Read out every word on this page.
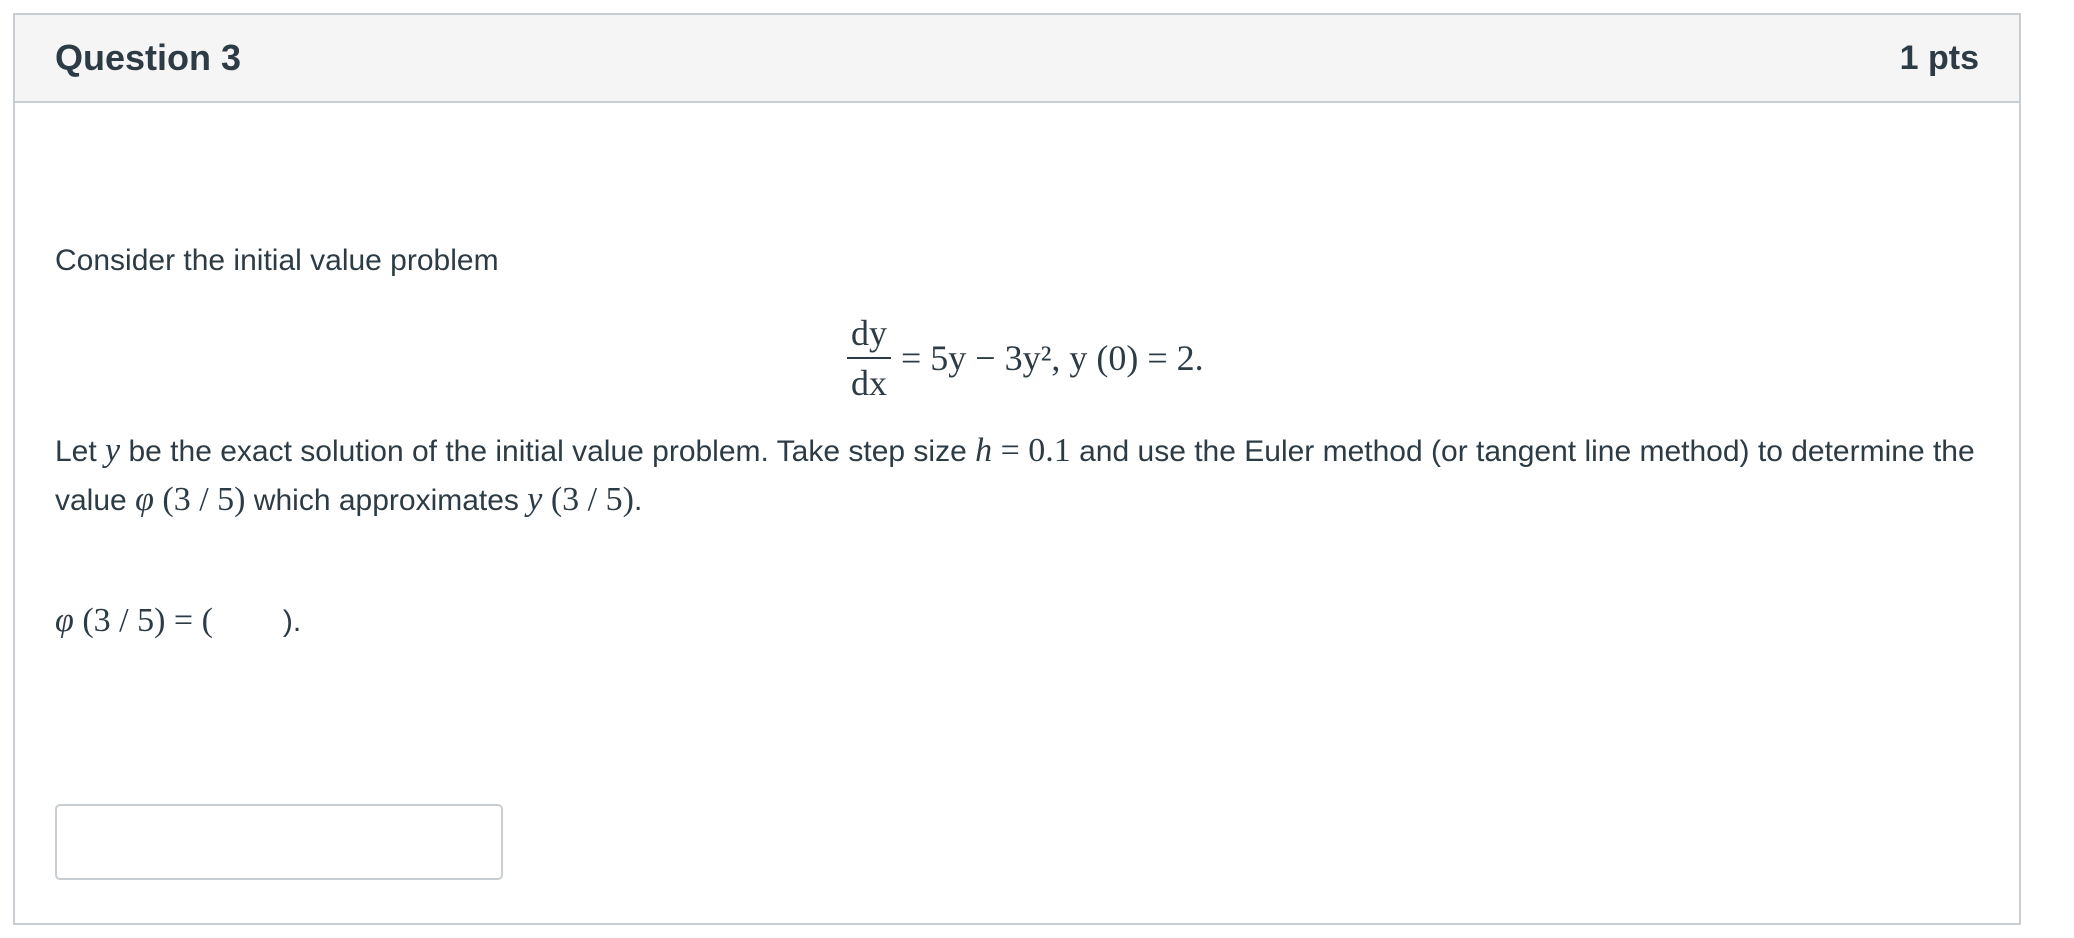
Question 3	1 pts
Consider the initial value problem
$\frac{dy}{dx} = 5y - 3y^2$, y (0) = 2.
Let y be the exact solution of the initial value problem. Take step size h = 0.1 and use the Euler method (or tangent line method) to determine the value φ (3 / 5) which approximates y (3 / 5).
φ (3 / 5) = ( ).
